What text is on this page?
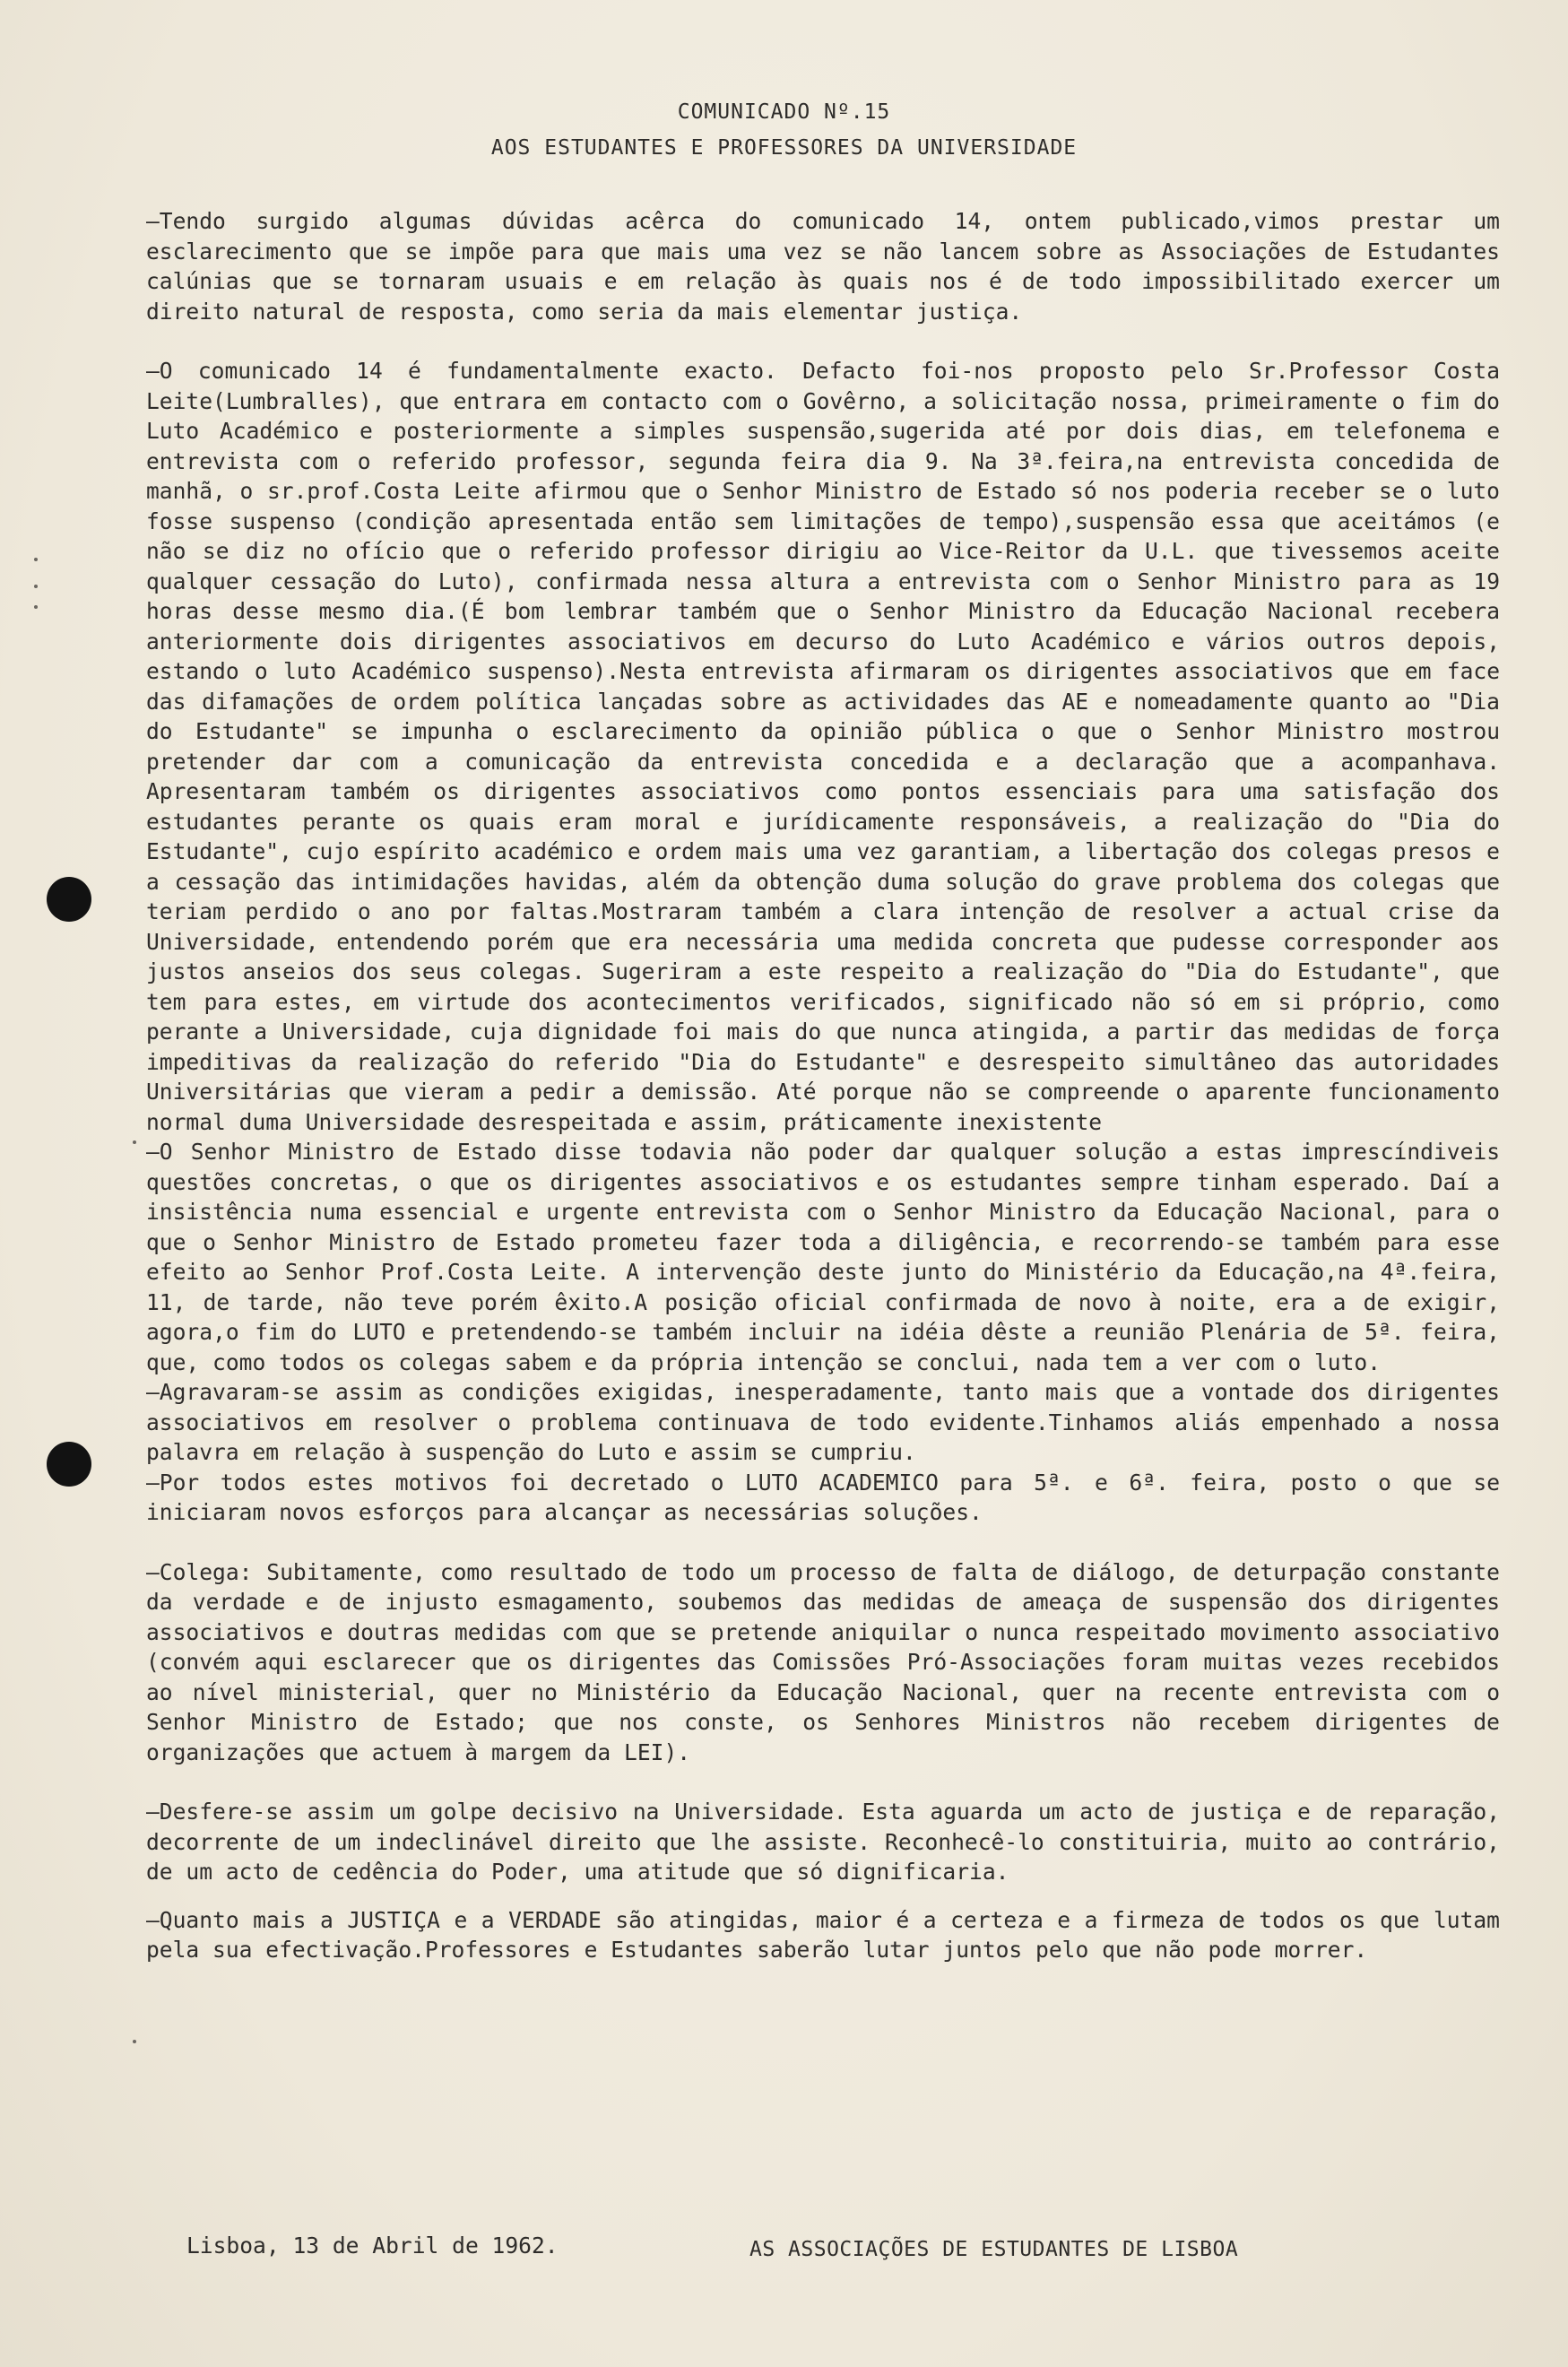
COMUNICADO Nº.15
AOS ESTUDANTES E PROFESSORES DA UNIVERSIDADE

—Tendo surgido algumas dúvidas acêrca do comunicado 14, ontem publicado,vimos prestar um esclarecimento que se impõe para que mais uma vez se não lancem sobre as Associações de Estudantes calúnias que se tornaram usuais e em relação às quais nos é de todo impossibilitado exercer um direito natural de resposta, como seria da mais elementar justiça.

—O comunicado 14 é fundamentalmente exacto. Defacto foi-nos proposto pelo Sr.Professor Costa Leite(Lumbralles), que entrara em contacto com o Govêrno, a solicitação nossa, primeiramente o fim do Luto Académico e posteriormente a simples suspensão,sugerida até por dois dias, em telefonema e entrevista com o referido professor, segunda feira dia 9. Na 3ª.feira,na entrevista concedida de manhã, o sr.prof.Costa Leite afirmou que o Senhor Ministro de Estado só nos poderia receber se o luto fosse suspenso (condição apresentada então sem limitações de tempo),suspensão essa que aceitámos (e não se diz no ofício que o referido professor dirigiu ao Vice-Reitor da U.L. que tivessemos aceite qualquer cessação do Luto), confirmada nessa altura a entrevista com o Senhor Ministro para as 19 horas desse mesmo dia.(É bom lembrar também que o Senhor Ministro da Educação Nacional recebera anteriormente dois dirigentes associativos em decurso do Luto Académico e vários outros depois, estando o luto Académico suspenso).Nesta entrevista afirmaram os dirigentes associativos que em face das difamações de ordem política lançadas sobre as actividades das AE e nomeadamente quanto ao "Dia do Estudante" se impunha o esclarecimento da opinião pública o que o Senhor Ministro mostrou pretender dar com a comunicação da entrevista concedida e a declaração que a acompanhava. Apresentaram também os dirigentes associativos como pontos essenciais para uma satisfação dos estudantes perante os quais eram moral e jurídicamente responsáveis, a realização do "Dia do Estudante", cujo espírito académico e ordem mais uma vez garantiam, a libertação dos colegas presos e a cessação das intimidações havidas, além da obtenção duma solução do grave problema dos colegas que teriam perdido o ano por faltas.Mostraram também a clara intenção de resolver a actual crise da Universidade, entendendo porém que era necessária uma medida concreta que pudesse corresponder aos justos anseios dos seus colegas. Sugeriram a este respeito a realização do "Dia do Estudante", que tem para estes, em virtude dos acontecimentos verificados, significado não só em si próprio, como perante a Universidade, cuja dignidade foi mais do que nunca atingida, a partir das medidas de força impeditivas da realização do referido "Dia do Estudante" e desrespeito simultâneo das autoridades Universitárias que vieram a pedir a demissão. Até porque não se compreende o aparente funcionamento normal duma Universidade desrespeitada e assim, práticamente inexistente

—O Senhor Ministro de Estado disse todavia não poder dar qualquer solução a estas imprescíndiveis questões concretas, o que os dirigentes associativos e os estudantes sempre tinham esperado. Daí a insistência numa essencial e urgente entrevista com o Senhor Ministro da Educação Nacional, para o que o Senhor Ministro de Estado prometeu fazer toda a diligência, e recorrendo-se também para esse efeito ao Senhor Prof.Costa Leite. A intervenção deste junto do Ministério da Educação,na 4ª.feira, 11, de tarde, não teve porém êxito.A posição oficial confirmada de novo à noite, era a de exigir, agora,o fim do LUTO e pretendendo-se também incluir na idéia dêste a reunião Plenária de 5ª. feira, que, como todos os colegas sabem e da própria intenção se conclui, nada tem a ver com o luto.

—Agravaram-se assim as condições exigidas, inesperadamente, tanto mais que a vontade dos dirigentes associativos em resolver o problema continuava de todo evidente.Tinhamos aliás empenhado a nossa palavra em relação à suspenção do Luto e assim se cumpriu.

—Por todos estes motivos foi decretado o LUTO ACADEMICO para 5ª. e 6ª. feira, posto o que se iniciaram novos esforços para alcançar as necessárias soluções.

—Colega: Subitamente, como resultado de todo um processo de falta de diálogo, de deturpação constante da verdade e de injusto esmagamento, soubemos das medidas de ameaça de suspensão dos dirigentes associativos e doutras medidas com que se pretende aniquilar o nunca respeitado movimento associativo (convém aqui esclarecer que os dirigentes das Comissões Pró-Associações foram muitas vezes recebidos ao nível ministerial, quer no Ministério da Educação Nacional, quer na recente entrevista com o Senhor Ministro de Estado; que nos conste, os Senhores Ministros não recebem dirigentes de organizações que actuem à margem da LEI).

—Desfere-se assim um golpe decisivo na Universidade. Esta aguarda um acto de justiça e de reparação, decorrente de um indeclinável direito que lhe assiste. Reconhecê-lo constituiria, muito ao contrário, de um acto de cedência do Poder, uma atitude que só dignificaria.

—Quanto mais a JUSTIÇA e a VERDADE são atingidas, maior é a certeza e a firmeza de todos os que lutam pela sua efectivação.Professores e Estudantes saberão lutar juntos pelo que não pode morrer.

Lisboa, 13 de Abril de 1962.	AS ASSOCIAÇÕES DE ESTUDANTES DE LISBOA
